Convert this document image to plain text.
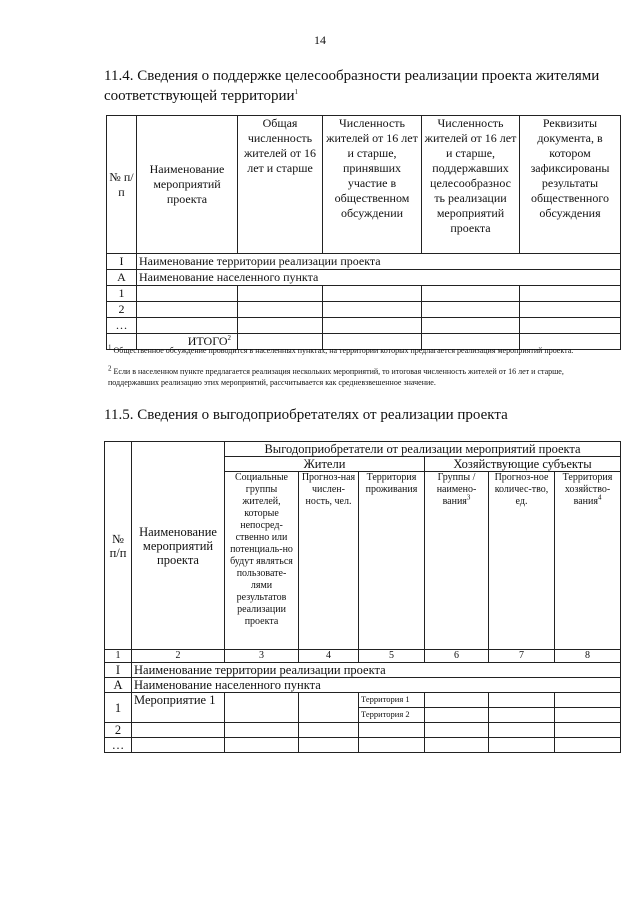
14
11.4. Сведения о поддержке целесообразности реализации проекта жителями соответствующей территории$^1$
№ п/п	Наименование мероприятий проекта	Общая численность жителей от 16 лет и старше	Численность жителей от 16 лет и старше, принявших участие в общественном обсуждении	Численность жителей от 16 лет и старше, поддержавших целесообразнос ть реализации мероприятий проекта	Реквизиты документа, в котором зафиксированы результаты общественного обсуждения
I	Наименование территории реализации проекта				
А	Наименование населенного пункта				
1					
2					
…					
	ИТОГО$^2$				
$^1$ Общественное обсуждение проводится в населенных пунктах, на территории которых предлагается реализация мероприятий проекта.
$^2$ Если в населенном пункте предлагается реализация нескольких мероприятий, то итоговая численность жителей от 16 лет и старше, поддержавших реализацию этих мероприятий, рассчитывается как средневзвешенное значение.
11.5. Сведения о выгодоприобретателях от реализации проекта
№ п/п	Наименование мероприятий проекта	Выгодоприобретатели от реализации мероприятий проекта					
		Жители			Хозяйствующие субъекты		
		Социальные группы жителей, которые непосред-ственно или потенциаль-но будут являться пользовате-лями результатов реализации проекта	Прогноз-ная числен-ность, чел.	Территория проживания	Группы / наимено-вания$^3$	Прогноз-ное количес-тво, ед.	Территория хозяйство-вания$^4$
1	2	3	4	5	6	7	8
I	Наименование территории реализации проекта						
А	Наименование населенного пункта						
1	Мероприятие 1			Территория 1			
				Территория 2			
2							
…							
